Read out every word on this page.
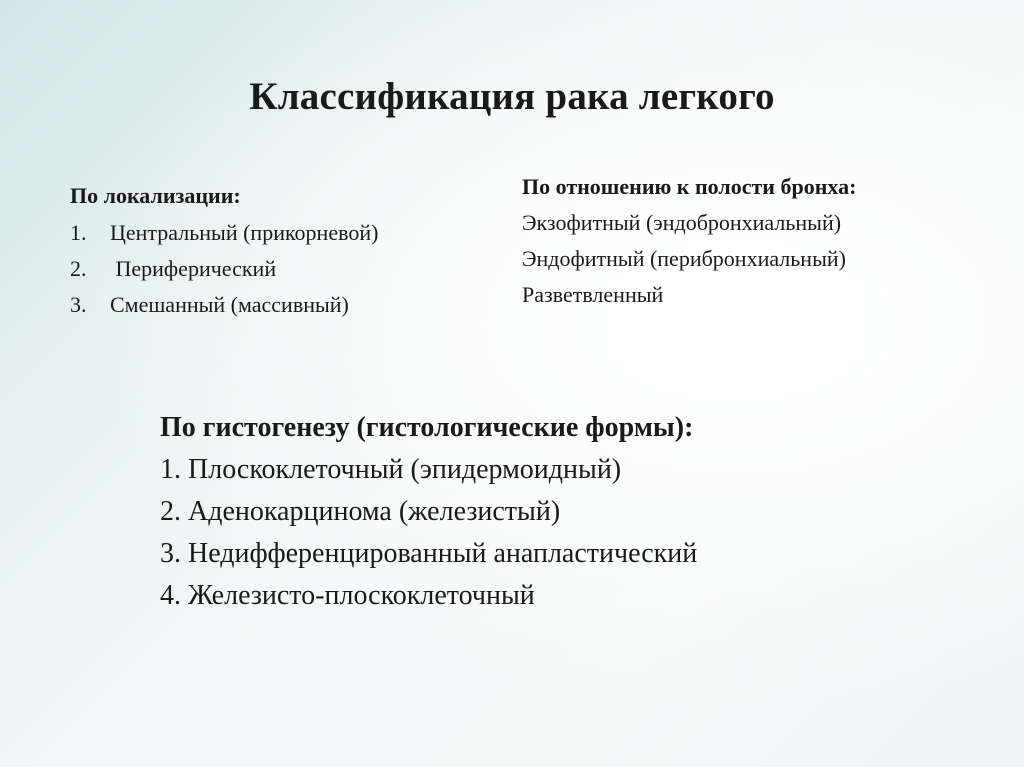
Классификация рака легкого
По локализации:
1.	Центральный (прикорневой)
2.	Периферический
3.	Смешанный (массивный)
По отношению к полости бронха:
Экзофитный (эндобронхиальный)
Эндофитный (перибронхиальный)
Разветвленный
По гистогенезу (гистологические формы):
1. Плоскоклеточный (эпидермоидный)
2. Аденокарцинома (железистый)
3. Недифференцированный анапластический
4. Железисто-плоскоклеточный
